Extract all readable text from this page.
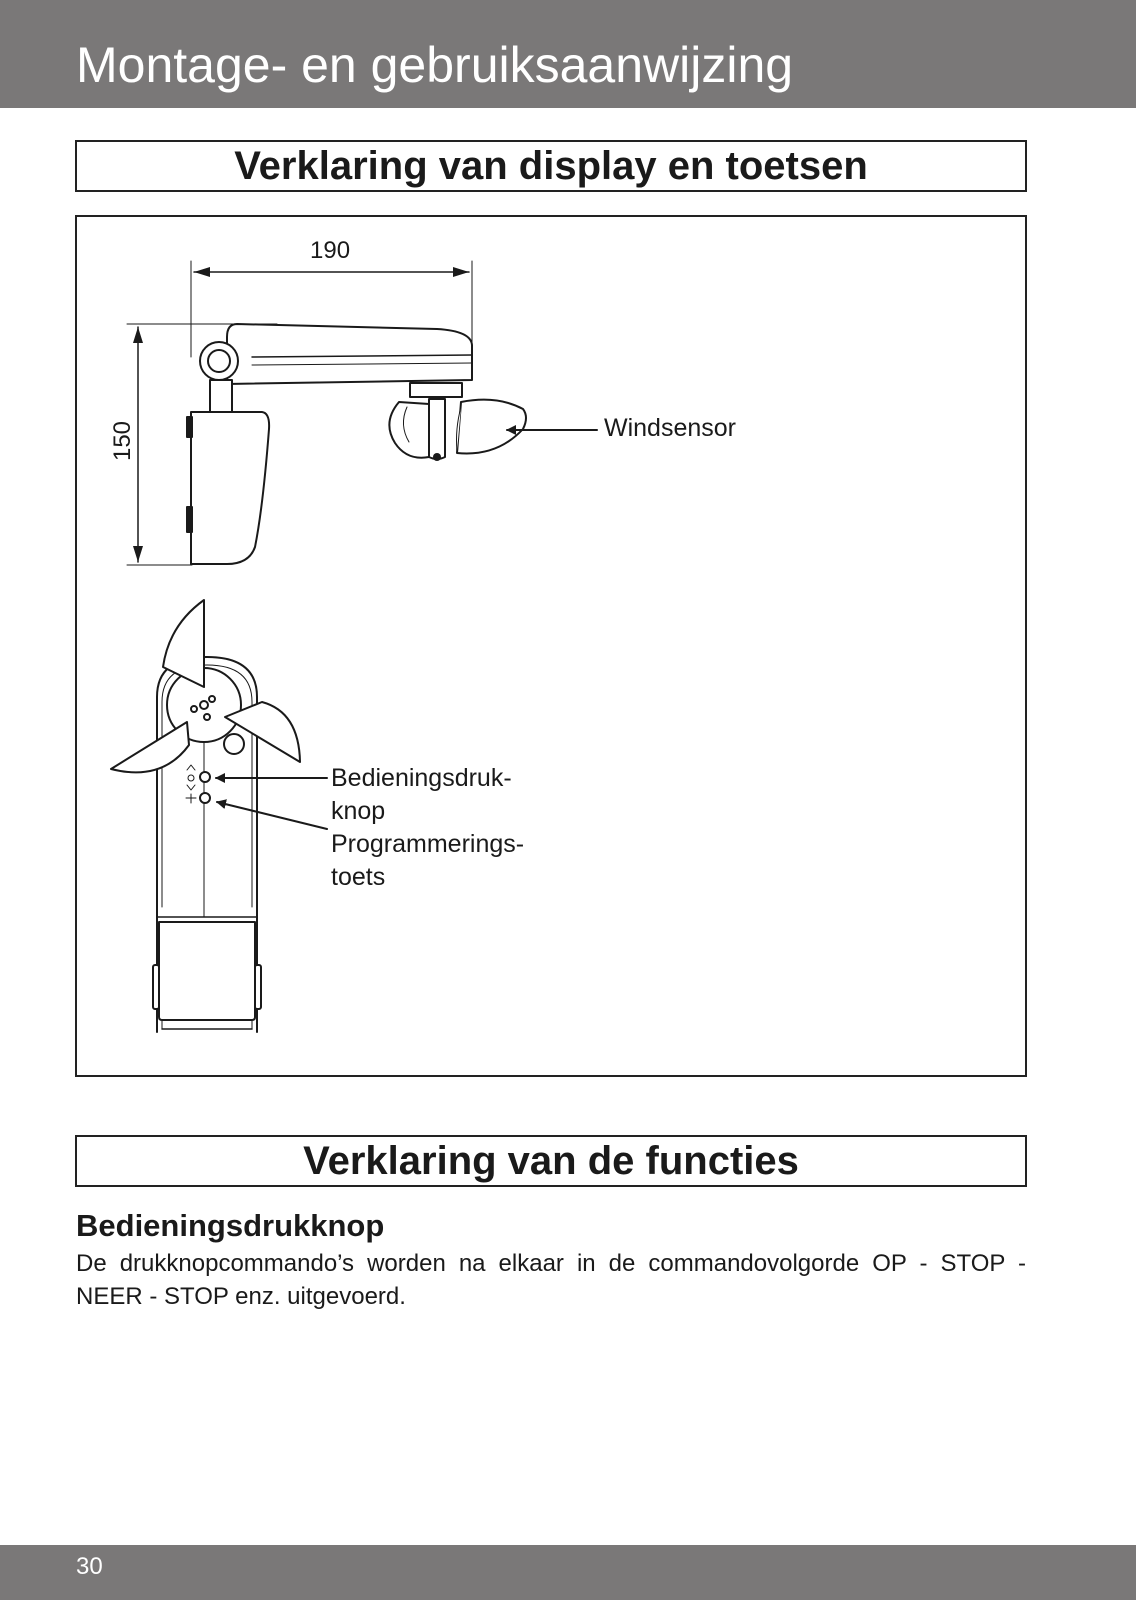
Montage- en gebruiksaanwijzing
Verklaring van display en toetsen
190
150	Windsensor
Bedieningsdruk-
knop
Programmerings-
toets
Verklaring van de functies
Bedieningsdrukknop

De drukknopcommando’s worden na elkaar in de commandovolgorde OP - STOP - NEER - STOP enz. uitgevoerd.

30
